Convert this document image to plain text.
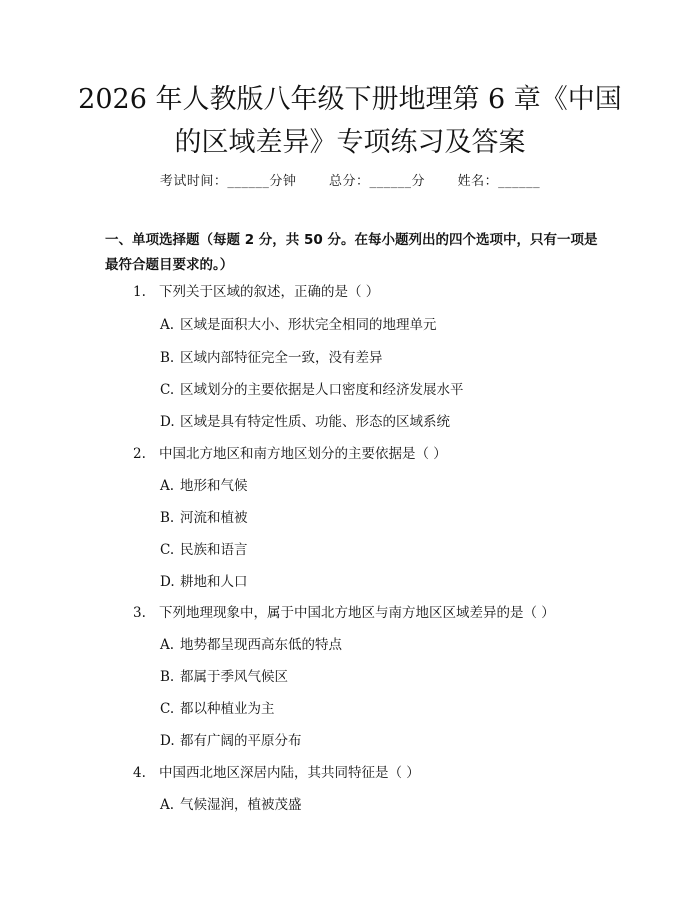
2026 年人教版八年级下册地理第 6 章《中国
的区域差异》专项练习及答案
考试时间：______分钟	总分：______分	姓名：______
一、单项选择题（每题 2 分，共 50 分。在每小题列出的四个选项中，只有一项是最符合题目要求的。）
1. 下列关于区域的叙述，正确的是（ ）
A. 区域是面积大小、形状完全相同的地理单元
B. 区域内部特征完全一致，没有差异
C. 区域划分的主要依据是人口密度和经济发展水平
D. 区域是具有特定性质、功能、形态的区域系统
2. 中国北方地区和南方地区划分的主要依据是（ ）
A. 地形和气候
B. 河流和植被
C. 民族和语言
D. 耕地和人口
3. 下列地理现象中，属于中国北方地区与南方地区区域差异的是（ ）
A. 地势都呈现西高东低的特点
B. 都属于季风气候区
C. 都以种植业为主
D. 都有广阔的平原分布
4. 中国西北地区深居内陆，其共同特征是（ ）
A. 气候湿润，植被茂盛
